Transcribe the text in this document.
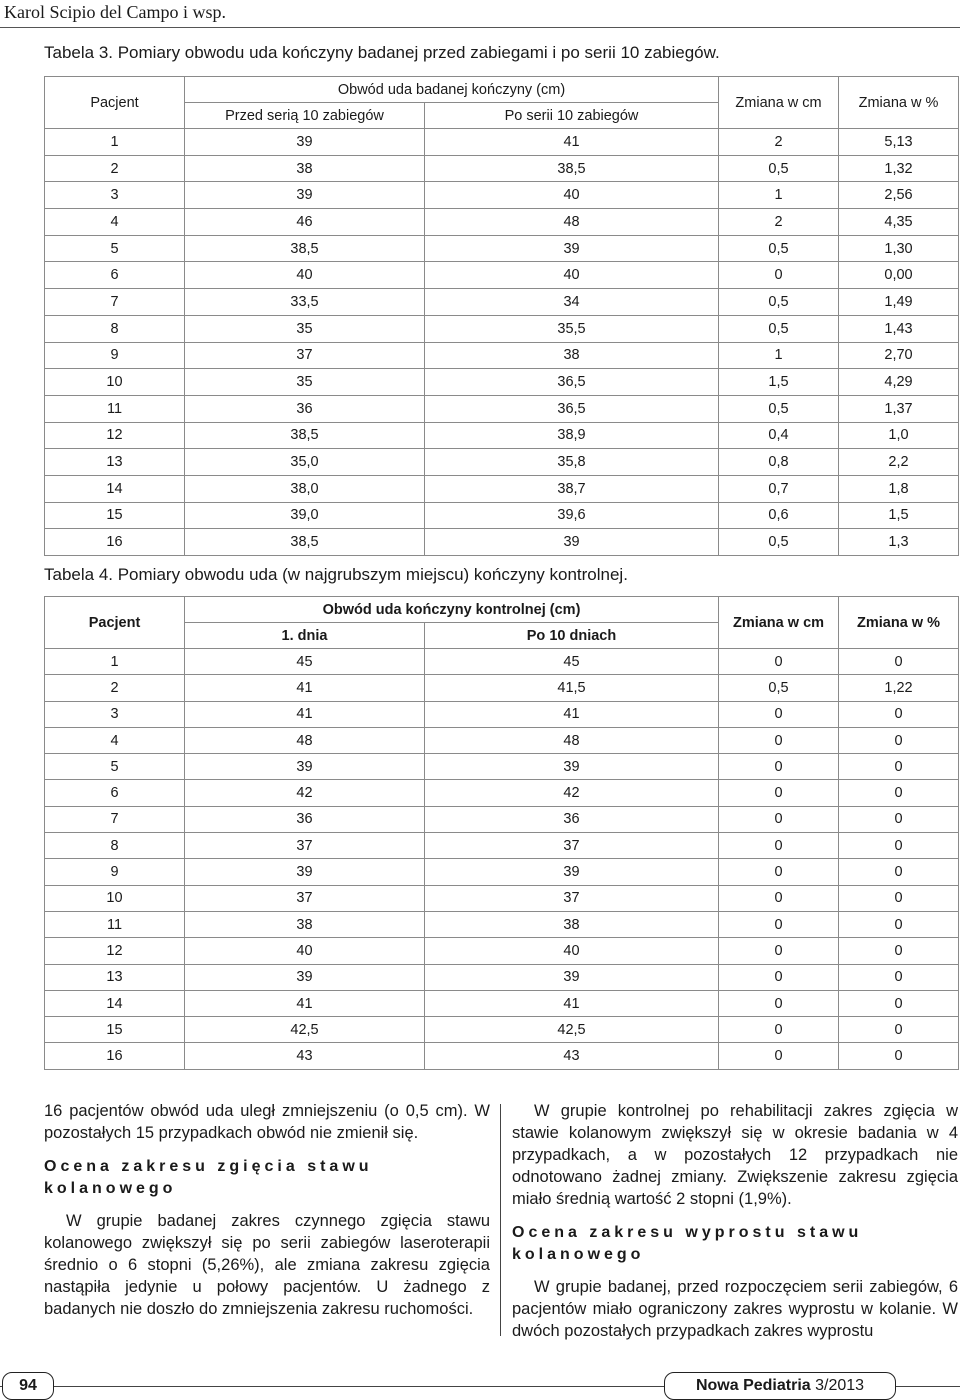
Karol Scipio del Campo i wsp.
Tabela 3. Pomiary obwodu uda kończyny badanej przed zabiegami i po serii 10 zabiegów.
Pacjent	Obwód uda badanej kończyny (cm)		Zmiana w cm	Zmiana w %
	Przed serią 10 zabiegów	Po serii 10 zabiegów		
1	39	41	2	5,13
2	38	38,5	0,5	1,32
3	39	40	1	2,56
4	46	48	2	4,35
5	38,5	39	0,5	1,30
6	40	40	0	0,00
7	33,5	34	0,5	1,49
8	35	35,5	0,5	1,43
9	37	38	1	2,70
10	35	36,5	1,5	4,29
11	36	36,5	0,5	1,37
12	38,5	38,9	0,4	1,0
13	35,0	35,8	0,8	2,2
14	38,0	38,7	0,7	1,8
15	39,0	39,6	0,6	1,5
16	38,5	39	0,5	1,3
Tabela 4. Pomiary obwodu uda (w najgrubszym miejscu) kończyny kontrolnej.
Pacjent	Obwód uda kończyny kontrolnej (cm)		Zmiana w cm	Zmiana w %
	1. dnia	Po 10 dniach		
1	45	45	0	0
2	41	41,5	0,5	1,22
3	41	41	0	0
4	48	48	0	0
5	39	39	0	0
6	42	42	0	0
7	36	36	0	0
8	37	37	0	0
9	39	39	0	0
10	37	37	0	0
11	38	38	0	0
12	40	40	0	0
13	39	39	0	0
14	41	41	0	0
15	42,5	42,5	0	0
16	43	43	0	0

16 pacjentów obwód uda uległ zmniejszeniu (o 0,5 cm). W pozostałych 15 przypadkach obwód nie zmienił się.

Ocena zakresu zgięcia stawu kolanowego

W grupie badanej zakres czynnego zgięcia stawu kolanowego zwiększył się po serii zabiegów laseroterapii średnio o 6 stopni (5,26%), ale zmiana zakresu zgięcia nastąpiła jedynie u połowy pacjentów. U żadnego z badanych nie doszło do zmniejszenia zakresu ruchomości.

W grupie kontrolnej po rehabilitacji zakres zgięcia w stawie kolanowym zwiększył się w okresie badania w 4 przypadkach, a w pozostałych 12 przypadkach nie odnotowano żadnej zmiany. Zwiększenie zakresu zgięcia miało średnią wartość 2 stopni (1,9%).

Ocena zakresu wyprostu stawu kolanowego

W grupie badanej, przed rozpoczęciem serii zabiegów, 6 pacjentów miało ograniczony zakres wyprostu w kolanie. W dwóch pozostałych przypadkach zakres wyprostu

94	Nowa Pediatria 3/2013
